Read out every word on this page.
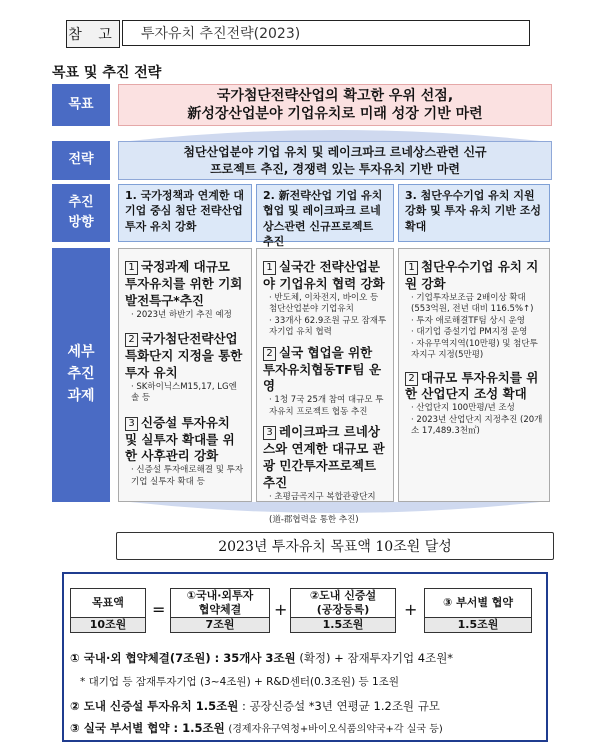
참 고 투자유치 추진전략(2023)
목표 및 추진 전략
목표
국가첨단전략산업의 확고한 우위 선점,
新성장산업분야 기업유치로 미래 성장 기반 마련
전략
첨단산업분야 기업 유치 및 레이크파크 르네상스관련 신규
프로젝트 추진, 경쟁력 있는 투자유치 기반 마련
추진
방향
1. 국가정책과 연계한 대기업 중심 첨단 전략산업 투자 유치 강화
2. 新전략산업 기업 유치 협업 및 레이크파크 르네상스관련 신규프로젝트 추진
3. 첨단우수기업 유치 지원 강화 및 투자 유치 기반 조성 확대
세부
추진
과제
1 국정과제 대규모 투자유치를 위한 기회발전특구*추진
· 2023년 하반기 추진 예정
2 국가첨단전략산업 특화단지 지정을 통한 투자 유치
· SK하이닉스M15,17, LG엔솔 등
3 신증설 투자유치 및 실투자 확대를 위한 사후관리 강화
· 신증설 투자애로해결 및 투자기업 실투자 확대 등
1 실국간 전략산업분야 기업유치 협력 강화
· 반도체, 이차전지, 바이오 등 첨단산업분야 기업유치
· 33개사 62.9조원 규모 잠재투자기업 유치 협력
2 실국 협업을 위한 투자유치협동TF팀 운영
· 1청 7국 25개 참여 대규모 투자유치 프로젝트 협동 추진
3 레이크파크 르네상스와 연계한 대규모 관광 민간투자프로젝트 추진
· 초평금곡지구 복합관광단지
· (道-郡협력을 통한 추진)
1 첨단우수기업 유치 지원 강화
· 기업투자보조금 2배이상 확대 (553억원, 전년 대비 116.5%↑)
· 투자 애로해결TF팀 상시 운영
· 대기업 증설기업 PM지정 운영
· 자유무역지역(10만평) 및 첨단투자지구 지정(5만평)
2 대규모 투자유치를 위한 산업단지 조성 확대
· 산업단지 100만평/년 조성
· 2023년 산업단지 지정추진 (20개소 17,489.3천㎡)
2023년 투자유치 목표액 10조원 달성
목표액
10조원
=
①국내·외투자
협약체결
7조원
+
②도내 신증설
(공장등록)
1.5조원
+	③ 부서별 협약
1.5조원
① 국내·외 협약체결(7조원) : 35개사 3조원 (확정) + 잠재투자기업 4조원*
* 대기업 등 잠재투자기업 (3~4조원) + R&D센터(0.3조원) 등 1조원
② 도내 신증설 투자유치 1.5조원 : 공장신증설 *3년 연평균 1.2조원 규모
③ 실국 부서별 협약 : 1.5조원 (경제자유구역청+바이오식품의약국+각 실국 등)
